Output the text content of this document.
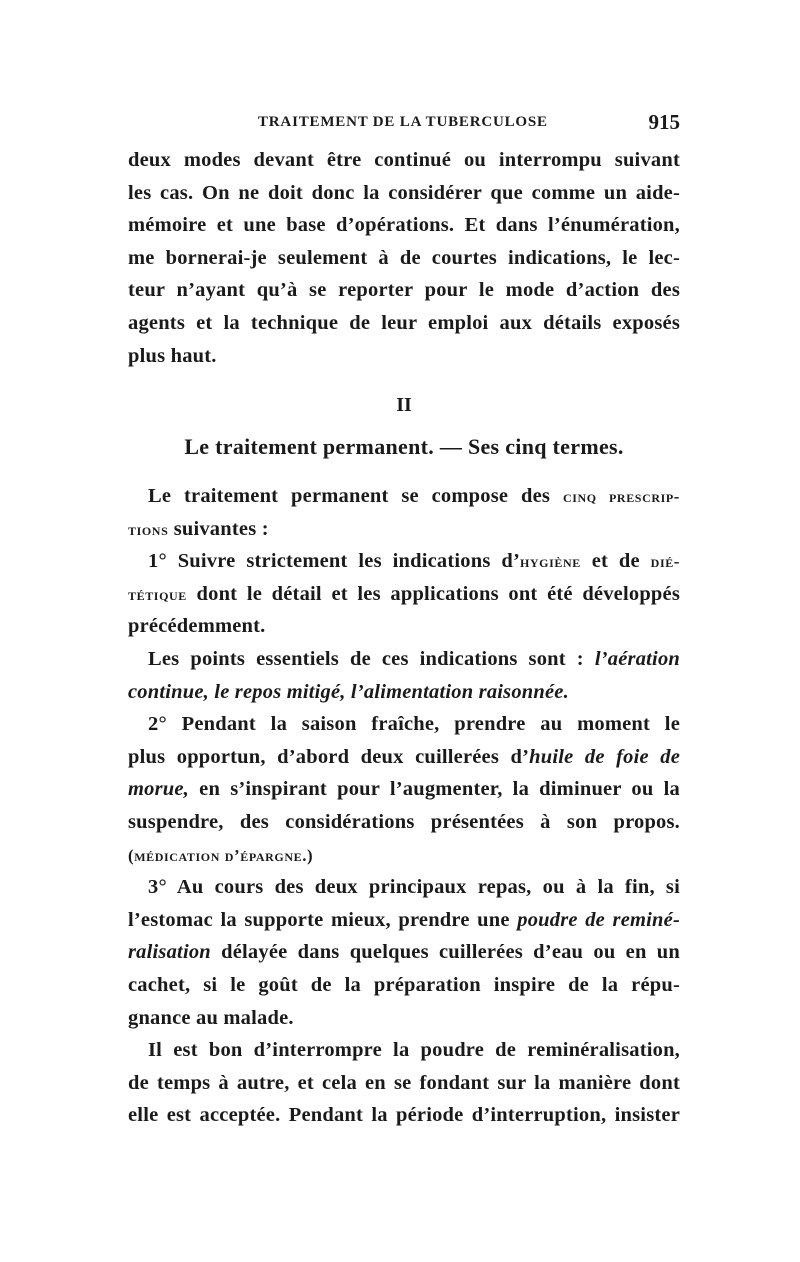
TRAITEMENT DE LA TUBERCULOSE	915
deux modes devant être continué ou interrompu suivant
les cas. On ne doit donc la considérer que comme un aide-
mémoire et une base d’opérations. Et dans l’énumération,
me bornerai-je seulement à de courtes indications, le lec-
teur n’ayant qu’à se reporter pour le mode d’action des
agents et la technique de leur emploi aux détails exposés
plus haut.
II
Le traitement permanent. — Ses cinq termes.
Le traitement permanent se compose des cinq prescrip-
tions suivantes :
1° Suivre strictement les indications d’hygiène et de dié-
tétique dont le détail et les applications ont été développés
précédemment.
Les points essentiels de ces indications sont : l’aération
continue, le repos mitigé, l’alimentation raisonnée.
2° Pendant la saison fraîche, prendre au moment le
plus opportun, d’abord deux cuillerées d’huile de foie de
morue, en s’inspirant pour l’augmenter, la diminuer ou la
suspendre, des considérations présentées à son propos.
(médication d’épargne.)
3° Au cours des deux principaux repas, ou à la fin, si
l’estomac la supporte mieux, prendre une poudre de reminé-
ralisation délayée dans quelques cuillerées d’eau ou en un
cachet, si le goût de la préparation inspire de la répu-
gnance au malade.
Il est bon d’interrompre la poudre de reminéralisation,
de temps à autre, et cela en se fondant sur la manière dont
elle est acceptée. Pendant la période d’interruption, insister
